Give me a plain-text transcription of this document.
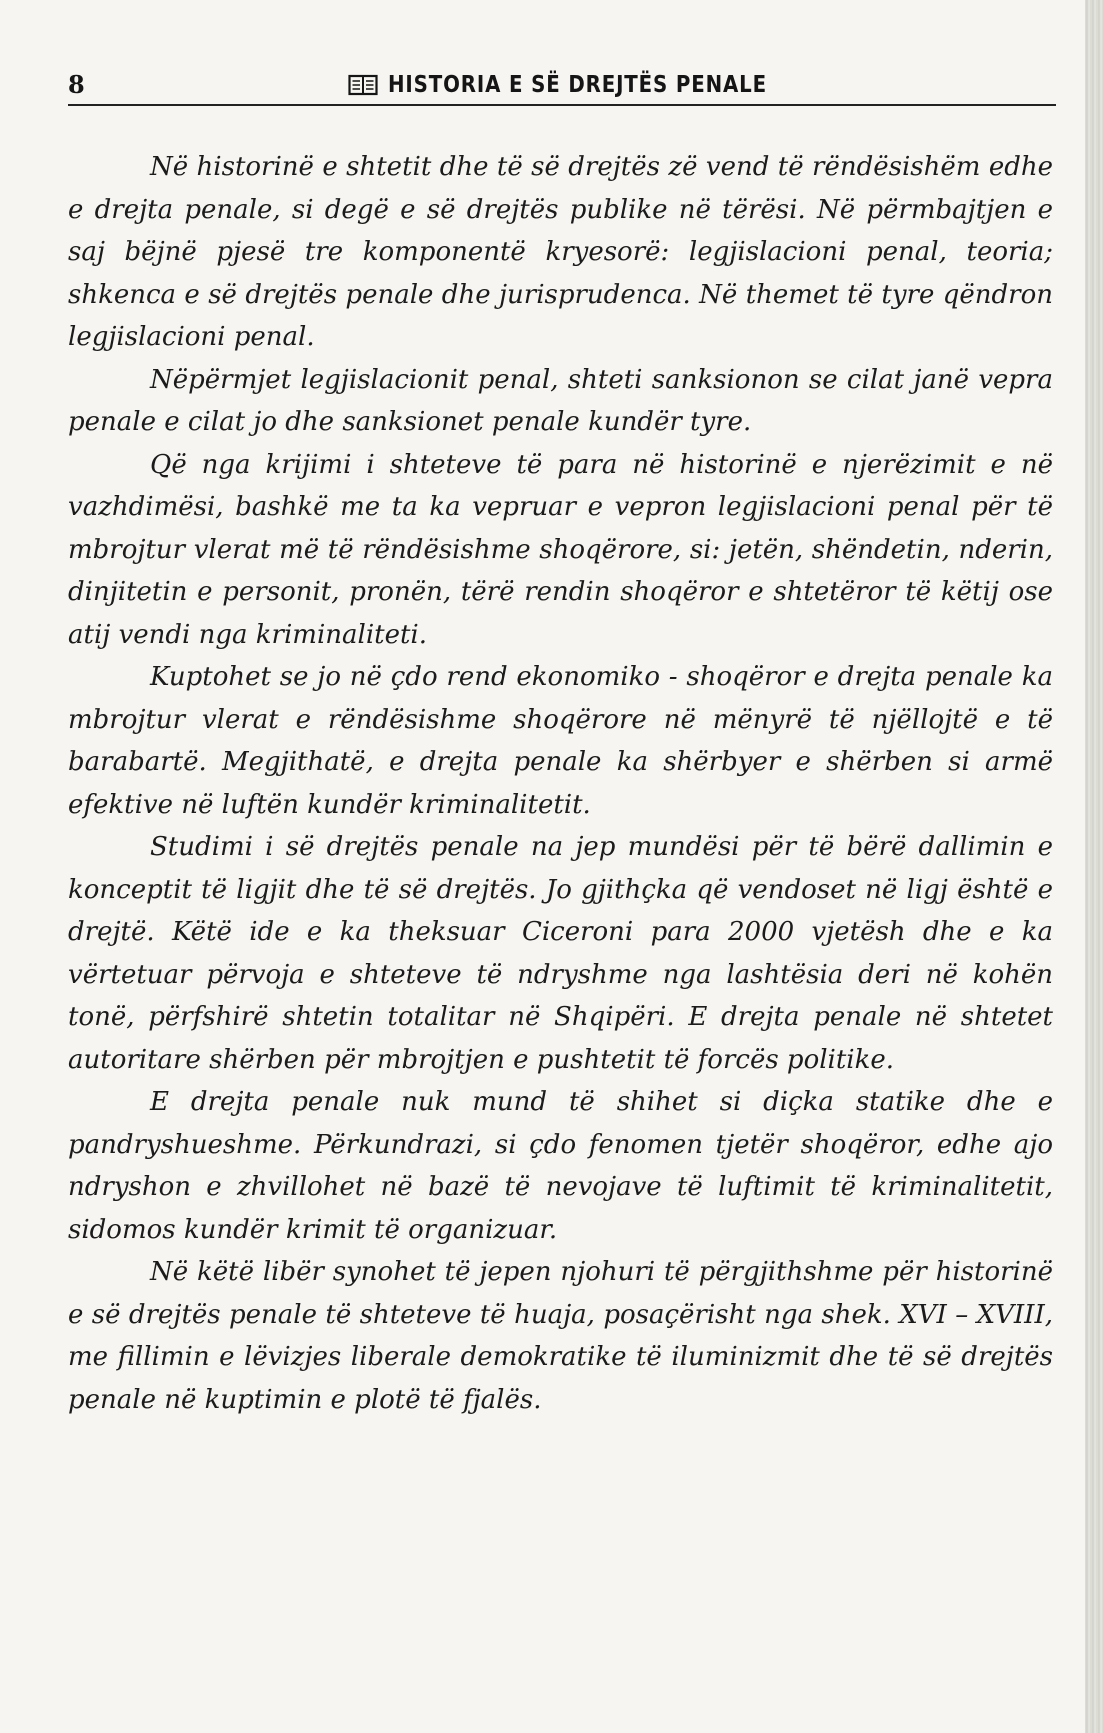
8	HISTORIA E SË DREJTËS PENALE

Në historinë e shtetit dhe të së drejtës zë vend të rëndësishëm edhe e drejta penale, si degë e së drejtës publike në tërësi. Në përmbajtjen e saj bëjnë pjesë tre komponentë kryesorë: legjislacioni penal, teoria; shkenca e së drejtës penale dhe jurisprudenca. Në themet të tyre qëndron legjislacioni penal.

Nëpërmjet legjislacionit penal, shteti sanksionon se cilat janë vepra penale e cilat jo dhe sanksionet penale kundër tyre.

Që nga krijimi i shteteve të para në historinë e njerëzimit e në vazhdimësi, bashkë me ta ka vepruar e vepron legjislacioni penal për të mbrojtur vlerat më të rëndësishme shoqërore, si: jetën, shëndetin, nderin, dinjitetin e personit, pronën, tërë rendin shoqëror e shtetëror të këtij ose atij vendi nga kriminaliteti.

Kuptohet se jo në çdo rend ekonomiko - shoqëror e drejta penale ka mbrojtur vlerat e rëndësishme shoqërore në mënyrë të njëllojtë e të barabartë. Megjithatë, e drejta penale ka shërbyer e shërben si armë efektive në luftën kundër kriminalitetit.

Studimi i së drejtës penale na jep mundësi për të bërë dallimin e konceptit të ligjit dhe të së drejtës. Jo gjithçka që vendoset në ligj është e drejtë. Këtë ide e ka theksuar Ciceroni para 2000 vjetësh dhe e ka vërtetuar përvoja e shteteve të ndryshme nga lashtësia deri në kohën tonë, përfshirë shtetin totalitar në Shqipëri. E drejta penale në shtetet autoritare shërben për mbrojtjen e pushtetit të forcës politike.

E drejta penale nuk mund të shihet si diçka statike dhe e pandryshueshme. Përkundrazi, si çdo fenomen tjetër shoqëror, edhe ajo ndryshon e zhvillohet në bazë të nevojave të luftimit të kriminalitetit, sidomos kundër krimit të organizuar.

Në këtë libër synohet të jepen njohuri të përgjithshme për historinë e së drejtës penale të shteteve të huaja, posaçërisht nga shek. XVI – XVIII, me fillimin e lëvizjes liberale demokratike të iluminizmit dhe të së drejtës penale në kuptimin e plotë të fjalës.
